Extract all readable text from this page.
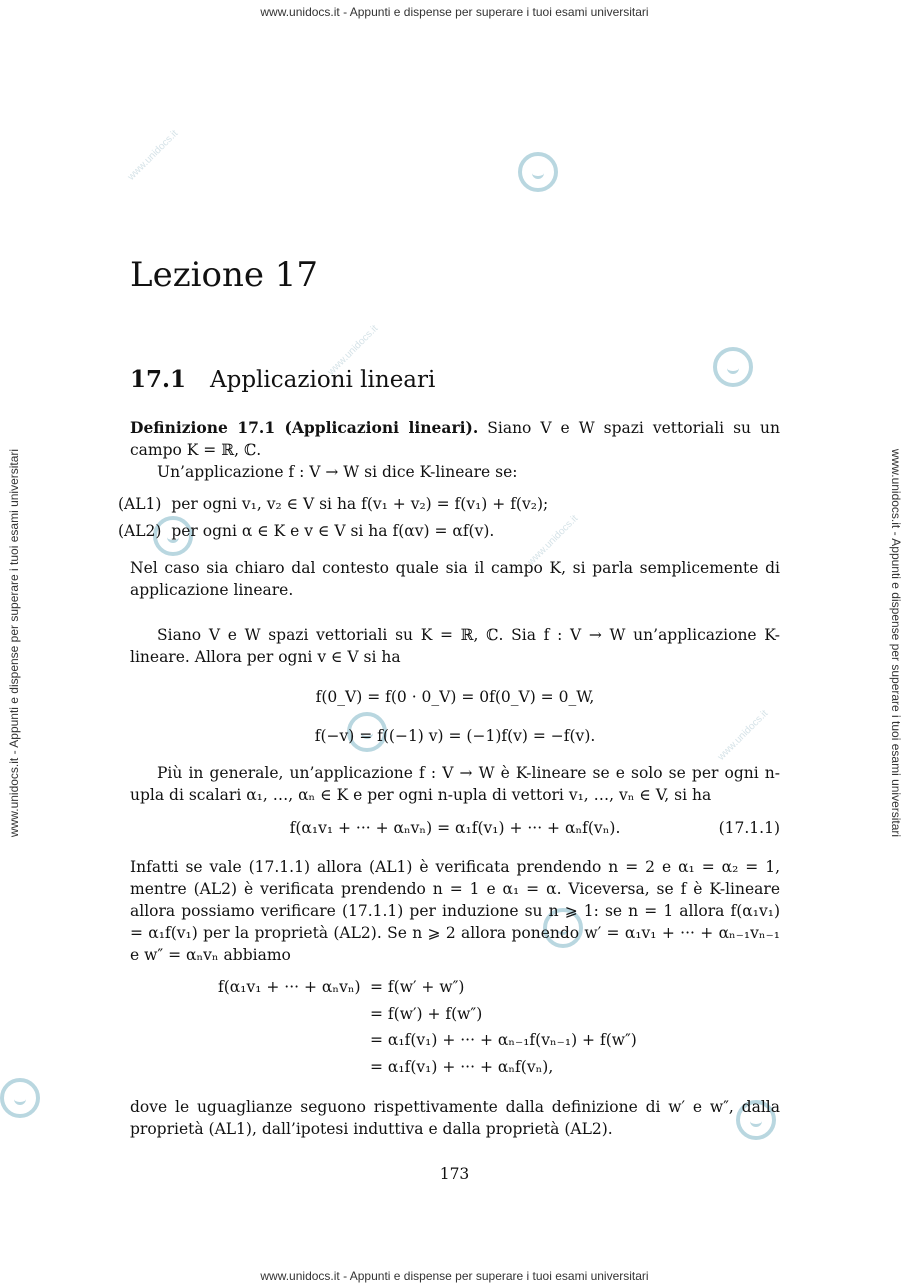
www.unidocs.it - Appunti e dispense per superare i tuoi esami universitari
www.unidocs.it - Appunti e dispense per superare i tuoi esami universitari
www.unidocs.it - Appunti e dispense per superare i tuoi esami universitari	www.unidocs.it - Appunti e dispense per superare i tuoi esami universitari
www.unidocs.it
www.unidocs.it
www.unidocs.it
www.unidocs.it
Lezione 17
17.1 Applicazioni lineari

Definizione 17.1 (Applicazioni lineari). Siano V e W spazi vettoriali su un campo K = ℝ, ℂ.

Un’applicazione f : V → W si dice K-lineare se:

(AL1) per ogni v₁, v₂ ∈ V si ha f(v₁ + v₂) = f(v₁) + f(v₂);

(AL2) per ogni α ∈ K e v ∈ V si ha f(αv) = αf(v).

Nel caso sia chiaro dal contesto quale sia il campo K, si parla semplicemente di applicazione lineare.

Siano V e W spazi vettoriali su K = ℝ, ℂ. Sia f : V → W un’applicazione K-lineare. Allora per ogni v ∈ V si ha

f(0_V) = f(0 · 0_V) = 0f(0_V) = 0_W,

f(−v) = f((−1) v) = (−1)f(v) = −f(v).

Più in generale, un’applicazione f : V → W è K-lineare se e solo se per ogni n-upla di scalari α₁, …, αₙ ∈ K e per ogni n-upla di vettori v₁, …, vₙ ∈ V, si ha

f(α₁v₁ + ··· + αₙvₙ) = α₁f(v₁) + ··· + αₙf(vₙ).	(17.1.1)

Infatti se vale (17.1.1) allora (AL1) è verificata prendendo n = 2 e α₁ = α₂ = 1, mentre (AL2) è verificata prendendo n = 1 e α₁ = α. Viceversa, se f è K-lineare allora possiamo verificare (17.1.1) per induzione su n ⩾ 1: se n = 1 allora f(α₁v₁) = α₁f(v₁) per la proprietà (AL2). Se n ⩾ 2 allora ponendo w′ = α₁v₁ + ··· + αₙ₋₁vₙ₋₁ e w″ = αₙvₙ abbiamo

f(α₁v₁ + ··· + αₙvₙ) = f(w′ + w″)
= f(w′) + f(w″)
= α₁f(v₁) + ··· + αₙ₋₁f(vₙ₋₁) + f(w″)
= α₁f(v₁) + ··· + αₙf(vₙ),

dove le uguaglianze seguono rispettivamente dalla definizione di w′ e w″, dalla proprietà (AL1), dall’ipotesi induttiva e dalla proprietà (AL2).

173
